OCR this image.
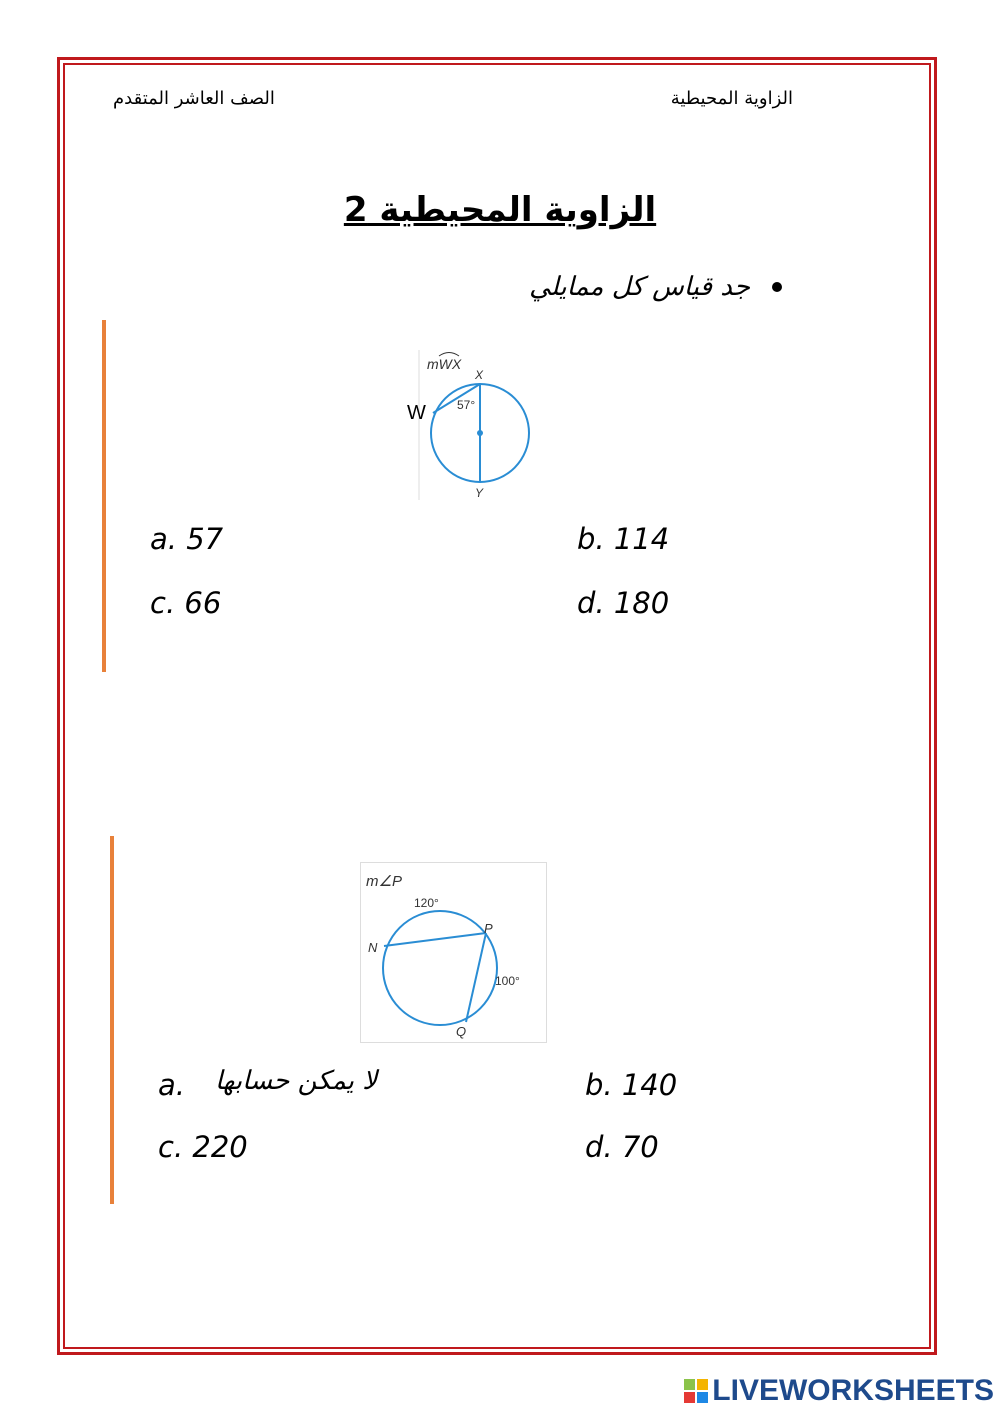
الصف العاشر المتقدم	الزاوية المحيطية
الزاوية المحيطية 2
جد قياس كل ممايلي
mWX
X
W
Y
57°
a. 57	b. 114
c. 66	d. 180
m∠P
120°
100°
N
P
Q
a. لا يمكن حسابها	b. 140
c. 220	d. 70
LIVEWORKSHEETS
